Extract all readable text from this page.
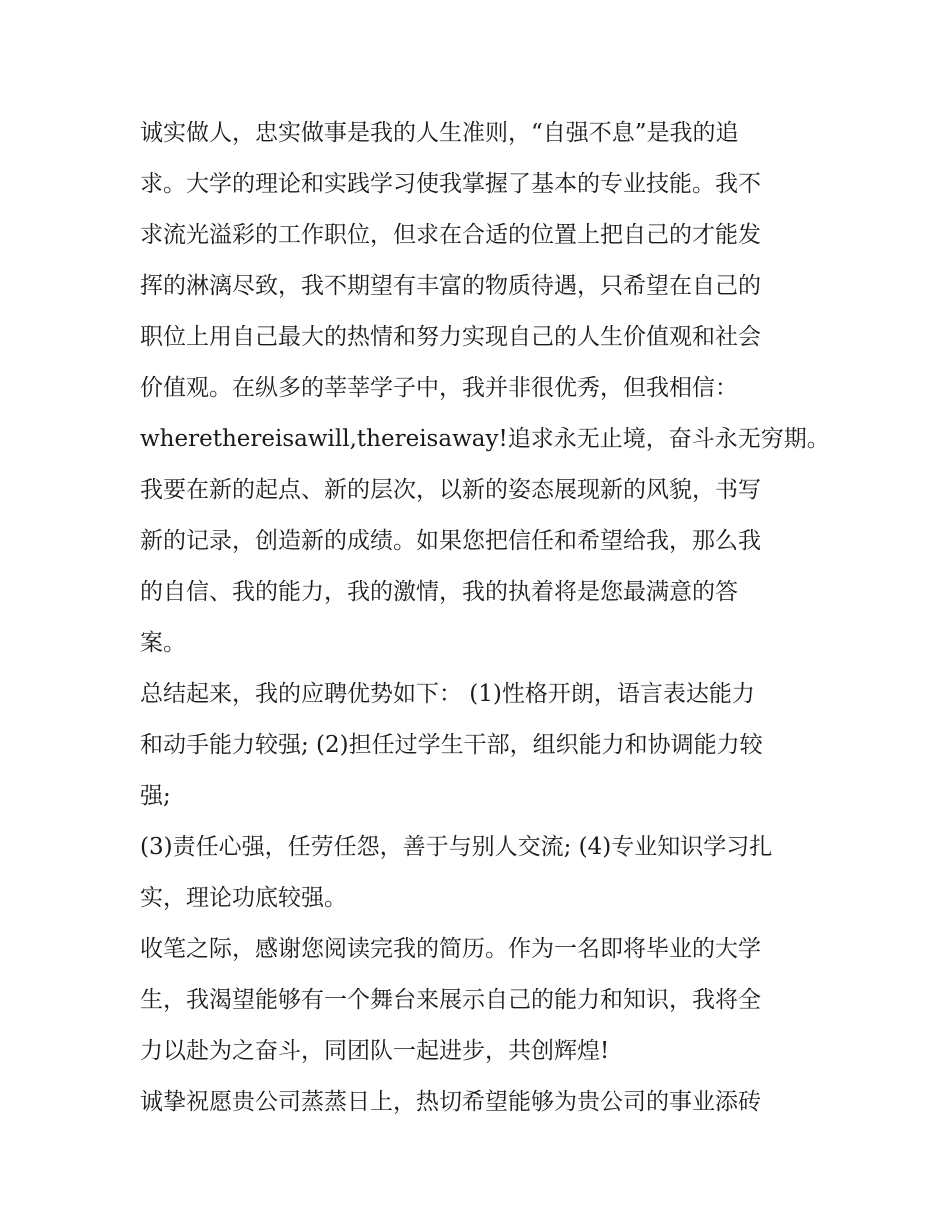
诚实做人，忠实做事是我的人生准则，“自强不息”是我的追
求。大学的理论和实践学习使我掌握了基本的专业技能。我不
求流光溢彩的工作职位，但求在合适的位置上把自己的才能发
挥的淋漓尽致，我不期望有丰富的物质待遇，只希望在自己的
职位上用自己最大的热情和努力实现自己的人生价值观和社会
价值观。在纵多的莘莘学子中，我并非很优秀，但我相信：
wherethereisawill,thereisaway!追求永无止境，奋斗永无穷期。
我要在新的起点、新的层次，以新的姿态展现新的风貌，书写
新的记录，创造新的成绩。如果您把信任和希望给我，那么我
的自信、我的能力，我的激情，我的执着将是您最满意的答
案。
总结起来，我的应聘优势如下： (1)性格开朗，语言表达能力
和动手能力较强; (2)担任过学生干部，组织能力和协调能力较
强;
(3)责任心强，任劳任怨，善于与别人交流; (4)专业知识学习扎
实，理论功底较强。
收笔之际，感谢您阅读完我的简历。作为一名即将毕业的大学
生，我渴望能够有一个舞台来展示自己的能力和知识，我将全
力以赴为之奋斗，同团队一起进步，共创辉煌!
诚挚祝愿贵公司蒸蒸日上，热切希望能够为贵公司的事业添砖
